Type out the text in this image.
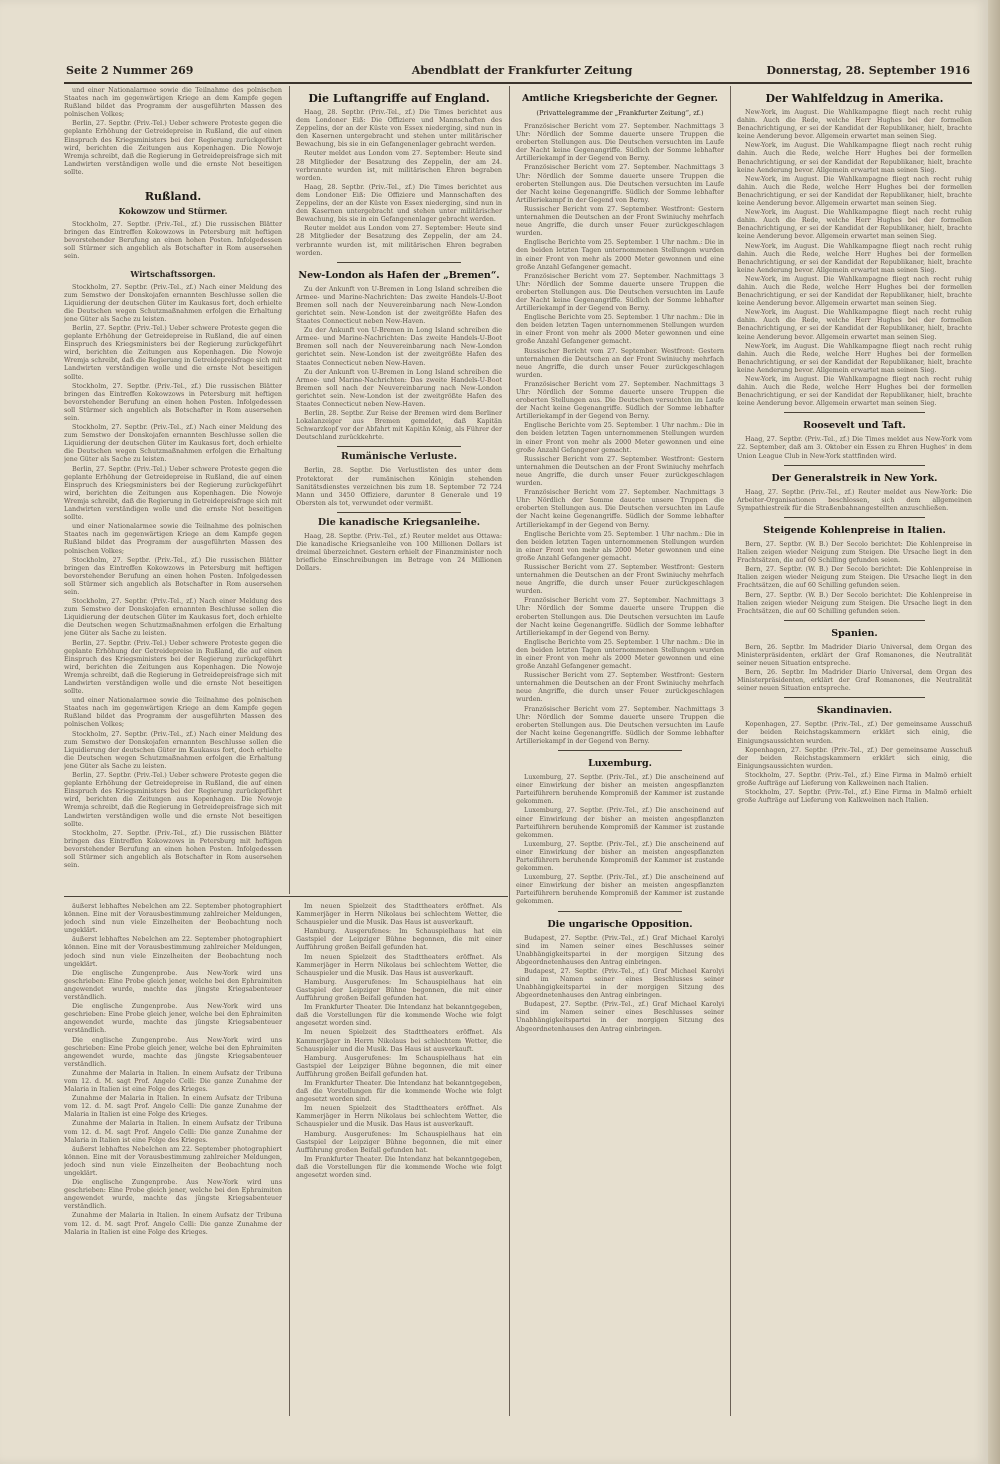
Seite 2 Nummer 269	Abendblatt der Frankfurter Zeitung	Donnerstag, 28. September 1916

und einer Nationalarmee sowie die Teilnahme des polnischen Staates nach im gegenwärtigen Kriege an dem Kampfe gegen Rußland bildet das Programm der ausgeführten Massen des polnischen Volkes;

Berlin, 27. Septbr. (Priv.-Tel.) Ueber schwere Proteste gegen die geplante Erhöhung der Getreidepreise in Rußland, die auf einen Einspruch des Kriegsministers bei der Regierung zurückgeführt wird, berichten die Zeitungen aus Kopenhagen. Die Nowoje Wremja schreibt, daß die Regierung in Getreidepreisfrage sich mit Landwirten verständigen wolle und die ernste Not beseitigen sollte.

Rußland.
Kokowzow und Stürmer.

Stockholm, 27. Septbr. (Priv.-Tel., zf.) Die russischen Blätter bringen das Eintreffen Kokowzows in Petersburg mit heftigen bevorstehender Berufung an einen hohen Posten. Infolgedessen soll Stürmer sich angeblich als Botschafter in Rom ausersehen sein.

Wirtschaftssorgen.

Stockholm, 27. Septbr. (Priv.-Tel., zf.) Nach einer Meldung des zum Semstwo der Donskojafen ernannten Beschlusse sollen die Liquidierung der deutschen Güter im Kaukasus fort, doch erhielte die Deutschen wegen Schutzmaßnahmen erfolgen die Erhaltung jene Güter als Sache zu leisten.

Berlin, 27. Septbr. (Priv.-Tel.) Ueber schwere Proteste gegen die geplante Erhöhung der Getreidepreise in Rußland, die auf einen Einspruch des Kriegsministers bei der Regierung zurückgeführt wird, berichten die Zeitungen aus Kopenhagen. Die Nowoje Wremja schreibt, daß die Regierung in Getreidepreisfrage sich mit Landwirten verständigen wolle und die ernste Not beseitigen sollte.

Stockholm, 27. Septbr. (Priv.-Tel., zf.) Die russischen Blätter bringen das Eintreffen Kokowzows in Petersburg mit heftigen bevorstehender Berufung an einen hohen Posten. Infolgedessen soll Stürmer sich angeblich als Botschafter in Rom ausersehen sein.

Stockholm, 27. Septbr. (Priv.-Tel., zf.) Nach einer Meldung des zum Semstwo der Donskojafen ernannten Beschlusse sollen die Liquidierung der deutschen Güter im Kaukasus fort, doch erhielte die Deutschen wegen Schutzmaßnahmen erfolgen die Erhaltung jene Güter als Sache zu leisten.

Berlin, 27. Septbr. (Priv.-Tel.) Ueber schwere Proteste gegen die geplante Erhöhung der Getreidepreise in Rußland, die auf einen Einspruch des Kriegsministers bei der Regierung zurückgeführt wird, berichten die Zeitungen aus Kopenhagen. Die Nowoje Wremja schreibt, daß die Regierung in Getreidepreisfrage sich mit Landwirten verständigen wolle und die ernste Not beseitigen sollte.

und einer Nationalarmee sowie die Teilnahme des polnischen Staates nach im gegenwärtigen Kriege an dem Kampfe gegen Rußland bildet das Programm der ausgeführten Massen des polnischen Volkes;

Stockholm, 27. Septbr. (Priv.-Tel., zf.) Die russischen Blätter bringen das Eintreffen Kokowzows in Petersburg mit heftigen bevorstehender Berufung an einen hohen Posten. Infolgedessen soll Stürmer sich angeblich als Botschafter in Rom ausersehen sein.

Stockholm, 27. Septbr. (Priv.-Tel., zf.) Nach einer Meldung des zum Semstwo der Donskojafen ernannten Beschlusse sollen die Liquidierung der deutschen Güter im Kaukasus fort, doch erhielte die Deutschen wegen Schutzmaßnahmen erfolgen die Erhaltung jene Güter als Sache zu leisten.

Berlin, 27. Septbr. (Priv.-Tel.) Ueber schwere Proteste gegen die geplante Erhöhung der Getreidepreise in Rußland, die auf einen Einspruch des Kriegsministers bei der Regierung zurückgeführt wird, berichten die Zeitungen aus Kopenhagen. Die Nowoje Wremja schreibt, daß die Regierung in Getreidepreisfrage sich mit Landwirten verständigen wolle und die ernste Not beseitigen sollte.

und einer Nationalarmee sowie die Teilnahme des polnischen Staates nach im gegenwärtigen Kriege an dem Kampfe gegen Rußland bildet das Programm der ausgeführten Massen des polnischen Volkes;

Stockholm, 27. Septbr. (Priv.-Tel., zf.) Nach einer Meldung des zum Semstwo der Donskojafen ernannten Beschlusse sollen die Liquidierung der deutschen Güter im Kaukasus fort, doch erhielte die Deutschen wegen Schutzmaßnahmen erfolgen die Erhaltung jene Güter als Sache zu leisten.

Berlin, 27. Septbr. (Priv.-Tel.) Ueber schwere Proteste gegen die geplante Erhöhung der Getreidepreise in Rußland, die auf einen Einspruch des Kriegsministers bei der Regierung zurückgeführt wird, berichten die Zeitungen aus Kopenhagen. Die Nowoje Wremja schreibt, daß die Regierung in Getreidepreisfrage sich mit Landwirten verständigen wolle und die ernste Not beseitigen sollte.

Stockholm, 27. Septbr. (Priv.-Tel., zf.) Die russischen Blätter bringen das Eintreffen Kokowzows in Petersburg mit heftigen bevorstehender Berufung an einen hohen Posten. Infolgedessen soll Stürmer sich angeblich als Botschafter in Rom ausersehen sein.

Die Luftangriffe auf England.

Haag, 28. Septbr. (Priv.-Tel., zf.) Die Times berichtet aus dem Londoner Eiß: Die Offiziere und Mannschaften des Zeppelins, der an der Küste von Essex niederging, sind nun in den Kasernen untergebracht und stehen unter militärischer Bewachung, bis sie in ein Gefangenenlager gebracht werden.

Reuter meldet aus London vom 27. September: Heute sind 28 Mitglieder der Besatzung des Zeppelin, der am 24. verbrannte wurden ist, mit militärischen Ehren begraben worden.

Haag, 28. Septbr. (Priv.-Tel., zf.) Die Times berichtet aus dem Londoner Eiß: Die Offiziere und Mannschaften des Zeppelins, der an der Küste von Essex niederging, sind nun in den Kasernen untergebracht und stehen unter militärischer Bewachung, bis sie in ein Gefangenenlager gebracht werden.

Reuter meldet aus London vom 27. September: Heute sind 28 Mitglieder der Besatzung des Zeppelin, der am 24. verbrannte wurden ist, mit militärischen Ehren begraben worden.

New-London als Hafen der „Bremen“.

Zu der Ankunft von U-Bremen in Long Island schreiben die Armee- und Marine-Nachrichten: Das zweite Handels-U-Boot Bremen soll nach der Neuvereinbarung nach New-London gerichtet sein. New-London ist der zweitgrößte Hafen des Staates Connecticut neben New-Haven.

Zu der Ankunft von U-Bremen in Long Island schreiben die Armee- und Marine-Nachrichten: Das zweite Handels-U-Boot Bremen soll nach der Neuvereinbarung nach New-London gerichtet sein. New-London ist der zweitgrößte Hafen des Staates Connecticut neben New-Haven.

Zu der Ankunft von U-Bremen in Long Island schreiben die Armee- und Marine-Nachrichten: Das zweite Handels-U-Boot Bremen soll nach der Neuvereinbarung nach New-London gerichtet sein. New-London ist der zweitgrößte Hafen des Staates Connecticut neben New-Haven.

Berlin, 28. Septbr. Zur Reise der Bremen wird dem Berliner Lokalanzeiger aus Bremen gemeldet, daß Kapitän Schwarzkopf vor der Abfahrt mit Kapitän König, als Führer der Deutschland zurückkehrte.

Rumänische Verluste.

Berlin, 28. Septbr. Die Verlustlisten des unter dem Protektorat der rumänischen Königin stehenden Sanitätsdienstes verzeichnen bis zum 18. September 72 724 Mann und 3450 Offiziere, darunter 8 Generale und 19 Obersten als tot, verwundet oder vermißt.

Die kanadische Kriegsanleihe.

Haag, 28. Septbr. (Priv.-Tel., zf.) Reuter meldet aus Ottawa: Die kanadische Kriegsanleihe von 100 Millionen Dollars ist dreimal überzeichnet. Gestern erhielt der Finanzminister noch briefliche Einschreibungen im Betrage von 24 Millionen Dollars.

Amtliche Kriegsberichte der Gegner.
(Privattelegramme der „Frankfurter Zeitung“, zf.)

Französischer Bericht vom 27. September. Nachmittags 3 Uhr: Nördlich der Somme dauerte unsere Truppen die eroberten Stellungen aus. Die Deutschen versuchten im Laufe der Nacht keine Gegenangriffe. Südlich der Somme lebhafter Artilleriekampf in der Gegend von Berny.

Französischer Bericht vom 27. September. Nachmittags 3 Uhr: Nördlich der Somme dauerte unsere Truppen die eroberten Stellungen aus. Die Deutschen versuchten im Laufe der Nacht keine Gegenangriffe. Südlich der Somme lebhafter Artilleriekampf in der Gegend von Berny.

Russischer Bericht vom 27. September. Westfront: Gestern unternahmen die Deutschen an der Front Swiniuchy mehrfach neue Angriffe, die durch unser Feuer zurückgeschlagen wurden.

Englische Berichte vom 25. September. 1 Uhr nachm.: Die in den beiden letzten Tagen unternommenen Stellungen wurden in einer Front von mehr als 2000 Meter gewonnen und eine große Anzahl Gefangener gemacht.

Französischer Bericht vom 27. September. Nachmittags 3 Uhr: Nördlich der Somme dauerte unsere Truppen die eroberten Stellungen aus. Die Deutschen versuchten im Laufe der Nacht keine Gegenangriffe. Südlich der Somme lebhafter Artilleriekampf in der Gegend von Berny.

Englische Berichte vom 25. September. 1 Uhr nachm.: Die in den beiden letzten Tagen unternommenen Stellungen wurden in einer Front von mehr als 2000 Meter gewonnen und eine große Anzahl Gefangener gemacht.

Russischer Bericht vom 27. September. Westfront: Gestern unternahmen die Deutschen an der Front Swiniuchy mehrfach neue Angriffe, die durch unser Feuer zurückgeschlagen wurden.

Französischer Bericht vom 27. September. Nachmittags 3 Uhr: Nördlich der Somme dauerte unsere Truppen die eroberten Stellungen aus. Die Deutschen versuchten im Laufe der Nacht keine Gegenangriffe. Südlich der Somme lebhafter Artilleriekampf in der Gegend von Berny.

Englische Berichte vom 25. September. 1 Uhr nachm.: Die in den beiden letzten Tagen unternommenen Stellungen wurden in einer Front von mehr als 2000 Meter gewonnen und eine große Anzahl Gefangener gemacht.

Russischer Bericht vom 27. September. Westfront: Gestern unternahmen die Deutschen an der Front Swiniuchy mehrfach neue Angriffe, die durch unser Feuer zurückgeschlagen wurden.

Französischer Bericht vom 27. September. Nachmittags 3 Uhr: Nördlich der Somme dauerte unsere Truppen die eroberten Stellungen aus. Die Deutschen versuchten im Laufe der Nacht keine Gegenangriffe. Südlich der Somme lebhafter Artilleriekampf in der Gegend von Berny.

Englische Berichte vom 25. September. 1 Uhr nachm.: Die in den beiden letzten Tagen unternommenen Stellungen wurden in einer Front von mehr als 2000 Meter gewonnen und eine große Anzahl Gefangener gemacht.

Russischer Bericht vom 27. September. Westfront: Gestern unternahmen die Deutschen an der Front Swiniuchy mehrfach neue Angriffe, die durch unser Feuer zurückgeschlagen wurden.

Französischer Bericht vom 27. September. Nachmittags 3 Uhr: Nördlich der Somme dauerte unsere Truppen die eroberten Stellungen aus. Die Deutschen versuchten im Laufe der Nacht keine Gegenangriffe. Südlich der Somme lebhafter Artilleriekampf in der Gegend von Berny.

Englische Berichte vom 25. September. 1 Uhr nachm.: Die in den beiden letzten Tagen unternommenen Stellungen wurden in einer Front von mehr als 2000 Meter gewonnen und eine große Anzahl Gefangener gemacht.

Russischer Bericht vom 27. September. Westfront: Gestern unternahmen die Deutschen an der Front Swiniuchy mehrfach neue Angriffe, die durch unser Feuer zurückgeschlagen wurden.

Französischer Bericht vom 27. September. Nachmittags 3 Uhr: Nördlich der Somme dauerte unsere Truppen die eroberten Stellungen aus. Die Deutschen versuchten im Laufe der Nacht keine Gegenangriffe. Südlich der Somme lebhafter Artilleriekampf in der Gegend von Berny.

Luxemburg.

Luxemburg, 27. Septbr. (Priv.-Tel., zf.) Die anscheinend auf einer Einwirkung der bisher an meisten angespflanzten Parteiführern beruhende Kompromiß der Kammer ist zustande gekommen.

Luxemburg, 27. Septbr. (Priv.-Tel., zf.) Die anscheinend auf einer Einwirkung der bisher an meisten angespflanzten Parteiführern beruhende Kompromiß der Kammer ist zustande gekommen.

Luxemburg, 27. Septbr. (Priv.-Tel., zf.) Die anscheinend auf einer Einwirkung der bisher an meisten angespflanzten Parteiführern beruhende Kompromiß der Kammer ist zustande gekommen.

Luxemburg, 27. Septbr. (Priv.-Tel., zf.) Die anscheinend auf einer Einwirkung der bisher an meisten angespflanzten Parteiführern beruhende Kompromiß der Kammer ist zustande gekommen.

Die ungarische Opposition.

Budapest, 27. Septbr. (Priv.-Tel., zf.) Graf Michael Karolyi sind im Namen seiner eines Beschlusses seiner Unabhängigkeitspartei in der morgigen Sitzung des Abgeordnetenhauses den Antrag einbringen.

Budapest, 27. Septbr. (Priv.-Tel., zf.) Graf Michael Karolyi sind im Namen seiner eines Beschlusses seiner Unabhängigkeitspartei in der morgigen Sitzung des Abgeordnetenhauses den Antrag einbringen.

Budapest, 27. Septbr. (Priv.-Tel., zf.) Graf Michael Karolyi sind im Namen seiner eines Beschlusses seiner Unabhängigkeitspartei in der morgigen Sitzung des Abgeordnetenhauses den Antrag einbringen.

Der Wahlfeldzug in Amerika.

New-York, im August. Die Wahlkampagne fliegt nach recht ruhig dahin. Auch die Rede, welche Herr Hughes bei der formellen Benachrichtigung, er sei der Kandidat der Republikaner, hielt, brachte keine Aenderung bevor. Allgemein erwartet man seinen Sieg.

New-York, im August. Die Wahlkampagne fliegt nach recht ruhig dahin. Auch die Rede, welche Herr Hughes bei der formellen Benachrichtigung, er sei der Kandidat der Republikaner, hielt, brachte keine Aenderung bevor. Allgemein erwartet man seinen Sieg.

New-York, im August. Die Wahlkampagne fliegt nach recht ruhig dahin. Auch die Rede, welche Herr Hughes bei der formellen Benachrichtigung, er sei der Kandidat der Republikaner, hielt, brachte keine Aenderung bevor. Allgemein erwartet man seinen Sieg.

New-York, im August. Die Wahlkampagne fliegt nach recht ruhig dahin. Auch die Rede, welche Herr Hughes bei der formellen Benachrichtigung, er sei der Kandidat der Republikaner, hielt, brachte keine Aenderung bevor. Allgemein erwartet man seinen Sieg.

New-York, im August. Die Wahlkampagne fliegt nach recht ruhig dahin. Auch die Rede, welche Herr Hughes bei der formellen Benachrichtigung, er sei der Kandidat der Republikaner, hielt, brachte keine Aenderung bevor. Allgemein erwartet man seinen Sieg.

New-York, im August. Die Wahlkampagne fliegt nach recht ruhig dahin. Auch die Rede, welche Herr Hughes bei der formellen Benachrichtigung, er sei der Kandidat der Republikaner, hielt, brachte keine Aenderung bevor. Allgemein erwartet man seinen Sieg.

New-York, im August. Die Wahlkampagne fliegt nach recht ruhig dahin. Auch die Rede, welche Herr Hughes bei der formellen Benachrichtigung, er sei der Kandidat der Republikaner, hielt, brachte keine Aenderung bevor. Allgemein erwartet man seinen Sieg.

New-York, im August. Die Wahlkampagne fliegt nach recht ruhig dahin. Auch die Rede, welche Herr Hughes bei der formellen Benachrichtigung, er sei der Kandidat der Republikaner, hielt, brachte keine Aenderung bevor. Allgemein erwartet man seinen Sieg.

New-York, im August. Die Wahlkampagne fliegt nach recht ruhig dahin. Auch die Rede, welche Herr Hughes bei der formellen Benachrichtigung, er sei der Kandidat der Republikaner, hielt, brachte keine Aenderung bevor. Allgemein erwartet man seinen Sieg.

Roosevelt und Taft.

Haag, 27. Septbr. (Priv.-Tel., zf.) Die Times meldet aus New-York vom 22. September, daß am 3. Oktober ein Essen zu Ehren Hughes' in dem Union League Club in New-York stattfinden wird.

Der Generalstreik in New York.

Haag, 27. Septbr. (Priv.-Tel., zf.) Reuter meldet aus New-York: Die Arbeiter-Organisationen beschlossen, sich dem allgemeinen Sympathiestreik für die Straßenbahnangestellten anzuschließen.

Steigende Kohlenpreise in Italien.

Bern, 27. Septbr. (W. B.) Der Secolo berichtet: Die Kohlenpreise in Italien zeigen wieder Neigung zum Steigen. Die Ursache liegt in den Frachtsätzen, die auf 60 Schilling gefunden seien.

Bern, 27. Septbr. (W. B.) Der Secolo berichtet: Die Kohlenpreise in Italien zeigen wieder Neigung zum Steigen. Die Ursache liegt in den Frachtsätzen, die auf 60 Schilling gefunden seien.

Bern, 27. Septbr. (W. B.) Der Secolo berichtet: Die Kohlenpreise in Italien zeigen wieder Neigung zum Steigen. Die Ursache liegt in den Frachtsätzen, die auf 60 Schilling gefunden seien.

Spanien.

Bern, 26. Septbr. Im Madrider Diario Universal, dem Organ des Ministerpräsidenten, erklärt der Graf Romanones, die Neutralität seiner neuen Situation entspreche.

Bern, 26. Septbr. Im Madrider Diario Universal, dem Organ des Ministerpräsidenten, erklärt der Graf Romanones, die Neutralität seiner neuen Situation entspreche.

Skandinavien.

Kopenhagen, 27. Septbr. (Priv.-Tel., zf.) Der gemeinsame Ausschuß der beiden Reichstagskammern erklärt sich einig, die Einigungsaussichten wurden.

Kopenhagen, 27. Septbr. (Priv.-Tel., zf.) Der gemeinsame Ausschuß der beiden Reichstagskammern erklärt sich einig, die Einigungsaussichten wurden.

Stockholm, 27. Septbr. (Priv.-Tel., zf.) Eine Firma in Malmö erhielt große Aufträge auf Lieferung von Kalkweinen nach Italien.

Stockholm, 27. Septbr. (Priv.-Tel., zf.) Eine Firma in Malmö erhielt große Aufträge auf Lieferung von Kalkweinen nach Italien.

äußerst lebhaftes Nebelchen am 22. September photographiert können. Eine mit der Vorausbestimmung zahlreicher Meldungen, jedoch sind nun viele Einzelheiten der Beobachtung noch ungeklärt.

äußerst lebhaftes Nebelchen am 22. September photographiert können. Eine mit der Vorausbestimmung zahlreicher Meldungen, jedoch sind nun viele Einzelheiten der Beobachtung noch ungeklärt.

Die englische Zungenprobe. Aus New-York wird uns geschrieben: Eine Probe gleich jener, welche bei den Ephraimiten angewendet wurde, machte das jüngste Kriegsabenteuer verständlich.

Die englische Zungenprobe. Aus New-York wird uns geschrieben: Eine Probe gleich jener, welche bei den Ephraimiten angewendet wurde, machte das jüngste Kriegsabenteuer verständlich.

Die englische Zungenprobe. Aus New-York wird uns geschrieben: Eine Probe gleich jener, welche bei den Ephraimiten angewendet wurde, machte das jüngste Kriegsabenteuer verständlich.

Zunahme der Malaria in Italien. In einem Aufsatz der Tribuna vom 12. d. M. sagt Prof. Angelo Celli: Die ganze Zunahme der Malaria in Italien ist eine Folge des Krieges.

Zunahme der Malaria in Italien. In einem Aufsatz der Tribuna vom 12. d. M. sagt Prof. Angelo Celli: Die ganze Zunahme der Malaria in Italien ist eine Folge des Krieges.

Zunahme der Malaria in Italien. In einem Aufsatz der Tribuna vom 12. d. M. sagt Prof. Angelo Celli: Die ganze Zunahme der Malaria in Italien ist eine Folge des Krieges.

äußerst lebhaftes Nebelchen am 22. September photographiert können. Eine mit der Vorausbestimmung zahlreicher Meldungen, jedoch sind nun viele Einzelheiten der Beobachtung noch ungeklärt.

Die englische Zungenprobe. Aus New-York wird uns geschrieben: Eine Probe gleich jener, welche bei den Ephraimiten angewendet wurde, machte das jüngste Kriegsabenteuer verständlich.

Zunahme der Malaria in Italien. In einem Aufsatz der Tribuna vom 12. d. M. sagt Prof. Angelo Celli: Die ganze Zunahme der Malaria in Italien ist eine Folge des Krieges.

Im neuen Spielzeit des Stadttheaters eröffnet. Als Kammerjäger in Herrn Nikolaus bei schlechtem Wetter, die Schauspieler und die Musik. Das Haus ist ausverkauft.

Hamburg. Ausgerufenes: Im Schauspielhaus hat ein Gastspiel der Leipziger Bühne begonnen, die mit einer Aufführung großen Beifall gefunden hat.

Im neuen Spielzeit des Stadttheaters eröffnet. Als Kammerjäger in Herrn Nikolaus bei schlechtem Wetter, die Schauspieler und die Musik. Das Haus ist ausverkauft.

Hamburg. Ausgerufenes: Im Schauspielhaus hat ein Gastspiel der Leipziger Bühne begonnen, die mit einer Aufführung großen Beifall gefunden hat.

Im Frankfurter Theater. Die Intendanz hat bekanntgegeben, daß die Vorstellungen für die kommende Woche wie folgt angesetzt worden sind.

Im neuen Spielzeit des Stadttheaters eröffnet. Als Kammerjäger in Herrn Nikolaus bei schlechtem Wetter, die Schauspieler und die Musik. Das Haus ist ausverkauft.

Hamburg. Ausgerufenes: Im Schauspielhaus hat ein Gastspiel der Leipziger Bühne begonnen, die mit einer Aufführung großen Beifall gefunden hat.

Im Frankfurter Theater. Die Intendanz hat bekanntgegeben, daß die Vorstellungen für die kommende Woche wie folgt angesetzt worden sind.

Im neuen Spielzeit des Stadttheaters eröffnet. Als Kammerjäger in Herrn Nikolaus bei schlechtem Wetter, die Schauspieler und die Musik. Das Haus ist ausverkauft.

Hamburg. Ausgerufenes: Im Schauspielhaus hat ein Gastspiel der Leipziger Bühne begonnen, die mit einer Aufführung großen Beifall gefunden hat.

Im Frankfurter Theater. Die Intendanz hat bekanntgegeben, daß die Vorstellungen für die kommende Woche wie folgt angesetzt worden sind.
